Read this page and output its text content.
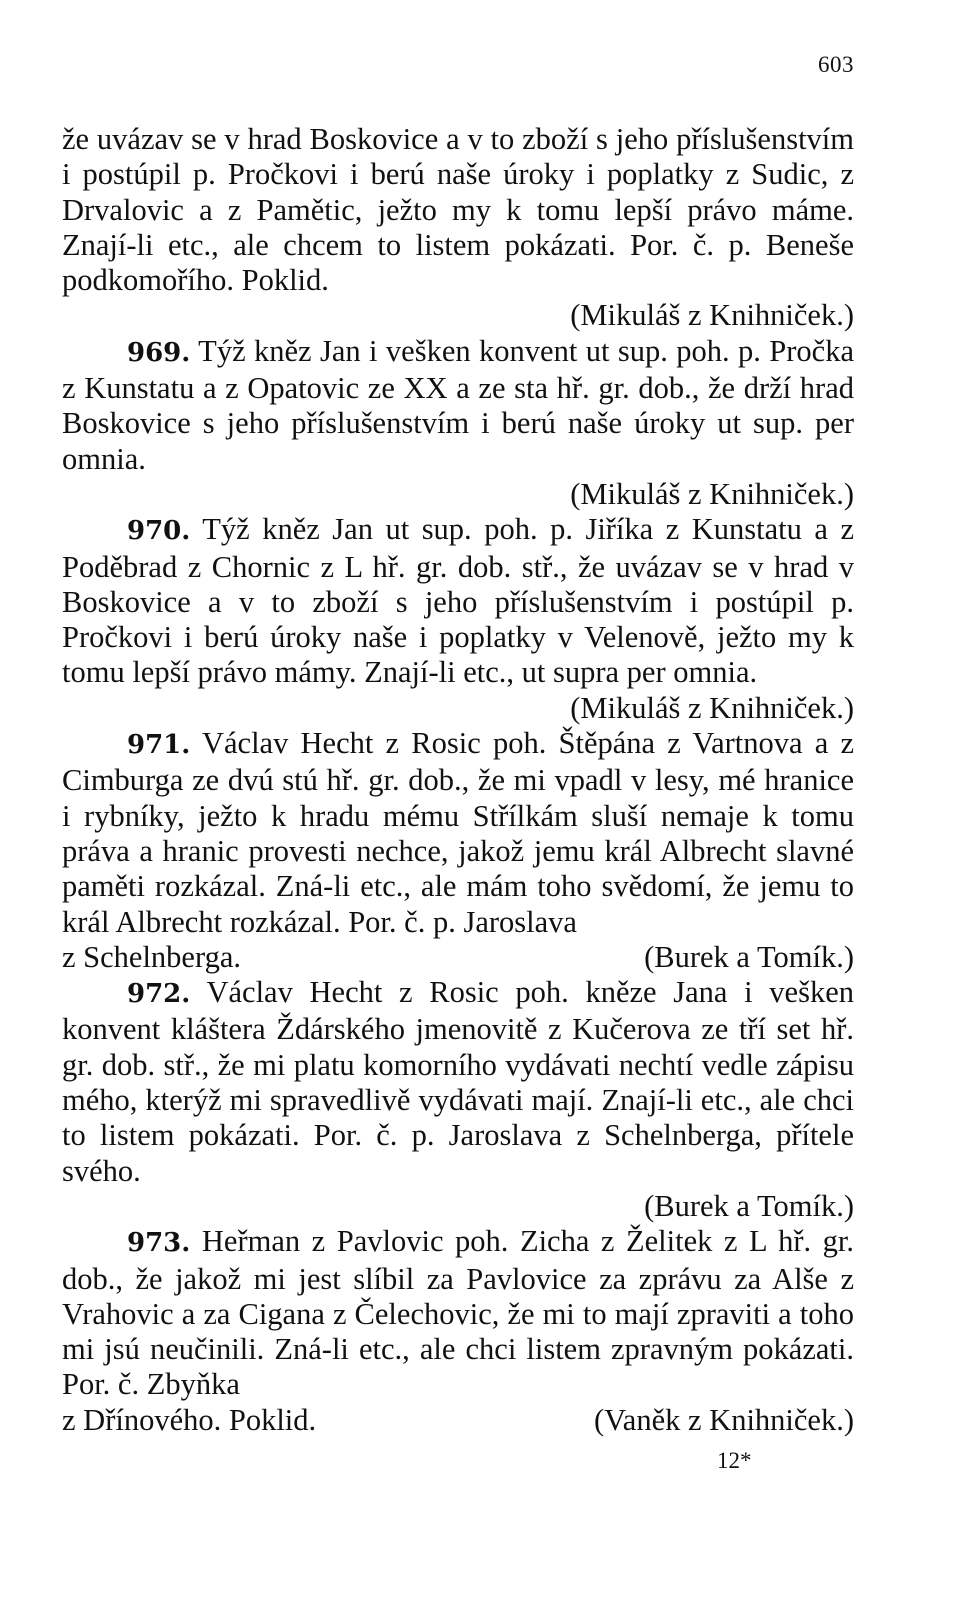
603

že uvázav se v hrad Boskovice a v to zboží s jeho příslušenstvím i postúpil p. Pročkovi i berú naše úroky i poplatky z Sudic, z Drvalovic a z Pamětic, ježto my k tomu lepší právo máme. Znají-li etc., ale chcem to listem pokázati. Por. č. p. Beneše podkomořího. Poklid.

(Mikuláš z Knihniček.)

969. Týž kněz Jan i vešken konvent ut sup. poh. p. Pročka z Kunstatu a z Opatovic ze XX a ze sta hř. gr. dob., že drží hrad Boskovice s jeho příslušenstvím i berú naše úroky ut sup. per omnia.

(Mikuláš z Knihniček.)

970. Týž kněz Jan ut sup. poh. p. Jiříka z Kunstatu a z Poděbrad z Chornic z L hř. gr. dob. stř., že uvázav se v hrad v Boskovice a v to zboží s jeho příslušenstvím i postúpil p. Pročkovi i berú úroky naše i poplatky v Velenově, ježto my k tomu lepší právo mámy. Znají-li etc., ut supra per omnia.

(Mikuláš z Knihniček.)

971. Václav Hecht z Rosic poh. Štěpána z Vartnova a z Cimburga ze dvú stú hř. gr. dob., že mi vpadl v lesy, mé hranice i rybníky, ježto k hradu mému Střílkám sluší nemaje k tomu práva a hranic provesti nechce, jakož jemu král Albrecht slavné paměti rozkázal. Zná-li etc., ale mám toho svědomí, že jemu to král Albrecht rozkázal. Por. č. p. Jaroslava

z Schelnberga.	(Burek a Tomík.)

972. Václav Hecht z Rosic poh. kněze Jana i vešken konvent kláštera Ždárského jmenovitě z Kučerova ze tří set hř. gr. dob. stř., že mi platu komorního vydávati nechtí vedle zápisu mého, kterýž mi spravedlivě vydávati mají. Znají-li etc., ale chci to listem pokázati. Por. č. p. Jaroslava z Schelnberga, přítele svého.

(Burek a Tomík.)

973. Heřman z Pavlovic poh. Zicha z Želitek z L hř. gr. dob., že jakož mi jest slíbil za Pavlovice za zprávu za Alše z Vrahovic a za Cigana z Čelechovic, že mi to mají zpraviti a toho mi jsú neučinili. Zná-li etc., ale chci listem zpravným pokázati. Por. č. Zbyňka

z Dřínového. Poklid.	(Vaněk z Knihniček.)
12*
